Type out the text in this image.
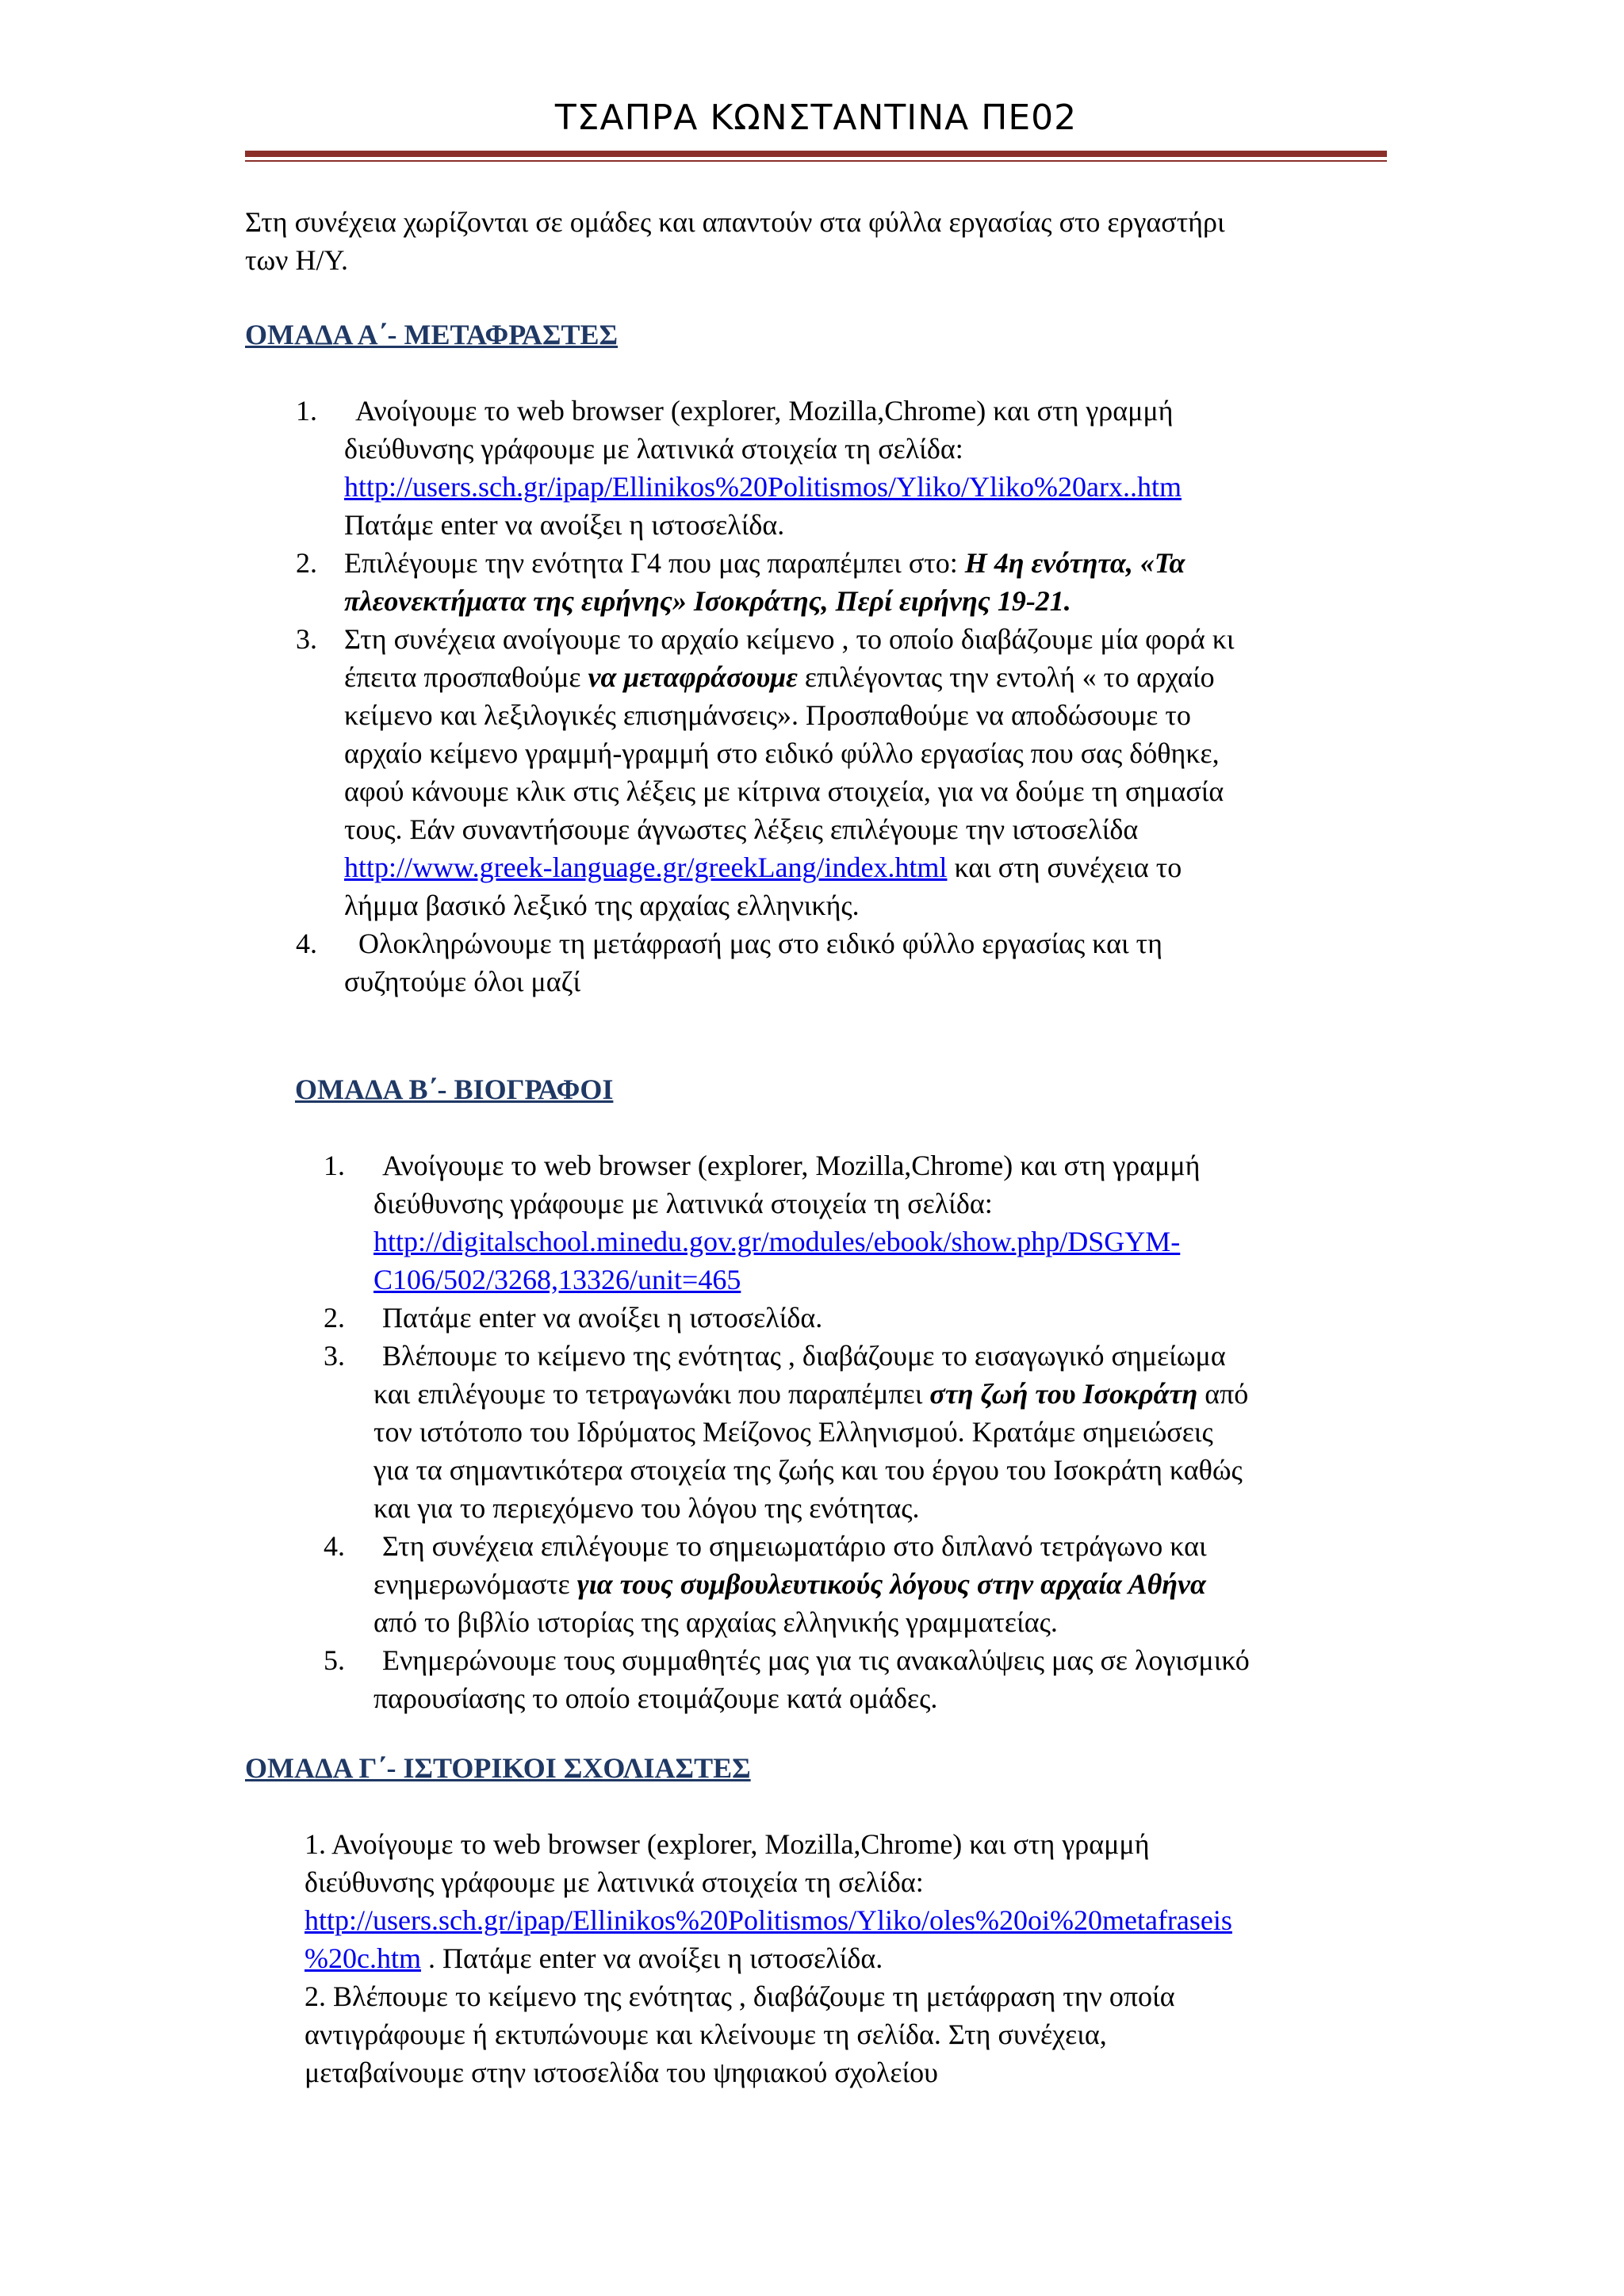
ΤΣΑΠΡΑ ΚΩΝΣΤΑΝΤΙΝΑ ΠΕ02
Στη συνέχεια χωρίζονται σε ομάδες και απαντούν στα φύλλα εργασίας στο εργαστήρι
των Η/Υ.
ΟΜΑΔΑ Α΄- ΜΕΤΑΦΡΑΣΤΕΣ
1. Ανοίγουμε το web browser (explorer, Mozilla,Chrome) και στη γραμμή
διεύθυνσης γράφουμε με λατινικά στοιχεία τη σελίδα:
http://users.sch.gr/ipap/Ellinikos%20Politismos/Yliko/Yliko%20arx..htm
Πατάμε enter να ανοίξει η ιστοσελίδα.
2. Επιλέγουμε την ενότητα Γ4 που μας παραπέμπει στο: Η 4η ενότητα, «Τα
πλεονεκτήματα της ειρήνης» Ισοκράτης, Περί ειρήνης 19-21.
3. Στη συνέχεια ανοίγουμε το αρχαίο κείμενο , το οποίο διαβάζουμε μία φορά κι
έπειτα προσπαθούμε να μεταφράσουμε επιλέγοντας την εντολή « το αρχαίο
κείμενο και λεξιλογικές επισημάνσεις». Προσπαθούμε να αποδώσουμε το
αρχαίο κείμενο γραμμή-γραμμή στο ειδικό φύλλο εργασίας που σας δόθηκε,
αφού κάνουμε κλικ στις λέξεις με κίτρινα στοιχεία, για να δούμε τη σημασία
τους. Εάν συναντήσουμε άγνωστες λέξεις επιλέγουμε την ιστοσελίδα
http://www.greek-language.gr/greekLang/index.html και στη συνέχεια το
λήμμα βασικό λεξικό της αρχαίας ελληνικής.
4. Ολοκληρώνουμε τη μετάφρασή μας στο ειδικό φύλλο εργασίας και τη
συζητούμε όλοι μαζί
ΟΜΑΔΑ Β΄- ΒΙΟΓΡΑΦΟΙ
1. Ανοίγουμε το web browser (explorer, Mozilla,Chrome) και στη γραμμή
διεύθυνσης γράφουμε με λατινικά στοιχεία τη σελίδα:
http://digitalschool.minedu.gov.gr/modules/ebook/show.php/DSGYM-
C106/502/3268,13326/unit=465
2. Πατάμε enter να ανοίξει η ιστοσελίδα.
3. Βλέπουμε το κείμενο της ενότητας , διαβάζουμε το εισαγωγικό σημείωμα
και επιλέγουμε το τετραγωνάκι που παραπέμπει στη ζωή του Ισοκράτη από
τον ιστότοπο του Ιδρύματος Μείζονος Ελληνισμού. Κρατάμε σημειώσεις
για τα σημαντικότερα στοιχεία της ζωής και του έργου του Ισοκράτη καθώς
και για το περιεχόμενο του λόγου της ενότητας.
4. Στη συνέχεια επιλέγουμε το σημειωματάριο στο διπλανό τετράγωνο και
ενημερωνόμαστε για τους συμβουλευτικούς λόγους στην αρχαία Αθήνα
από το βιβλίο ιστορίας της αρχαίας ελληνικής γραμματείας.
5. Ενημερώνουμε τους συμμαθητές μας για τις ανακαλύψεις μας σε λογισμικό
παρουσίασης το οποίο ετοιμάζουμε κατά ομάδες.
ΟΜΑΔΑ Γ΄- ΙΣΤΟΡΙΚΟΙ ΣΧΟΛΙΑΣΤΕΣ
1. Ανοίγουμε το web browser (explorer, Mozilla,Chrome) και στη γραμμή
διεύθυνσης γράφουμε με λατινικά στοιχεία τη σελίδα:
http://users.sch.gr/ipap/Ellinikos%20Politismos/Yliko/oles%20oi%20metafraseis
%20c.htm . Πατάμε enter να ανοίξει η ιστοσελίδα.
2. Βλέπουμε το κείμενο της ενότητας , διαβάζουμε τη μετάφραση την οποία
αντιγράφουμε ή εκτυπώνουμε και κλείνουμε τη σελίδα. Στη συνέχεια,
μεταβαίνουμε στην ιστοσελίδα του ψηφιακού σχολείου
